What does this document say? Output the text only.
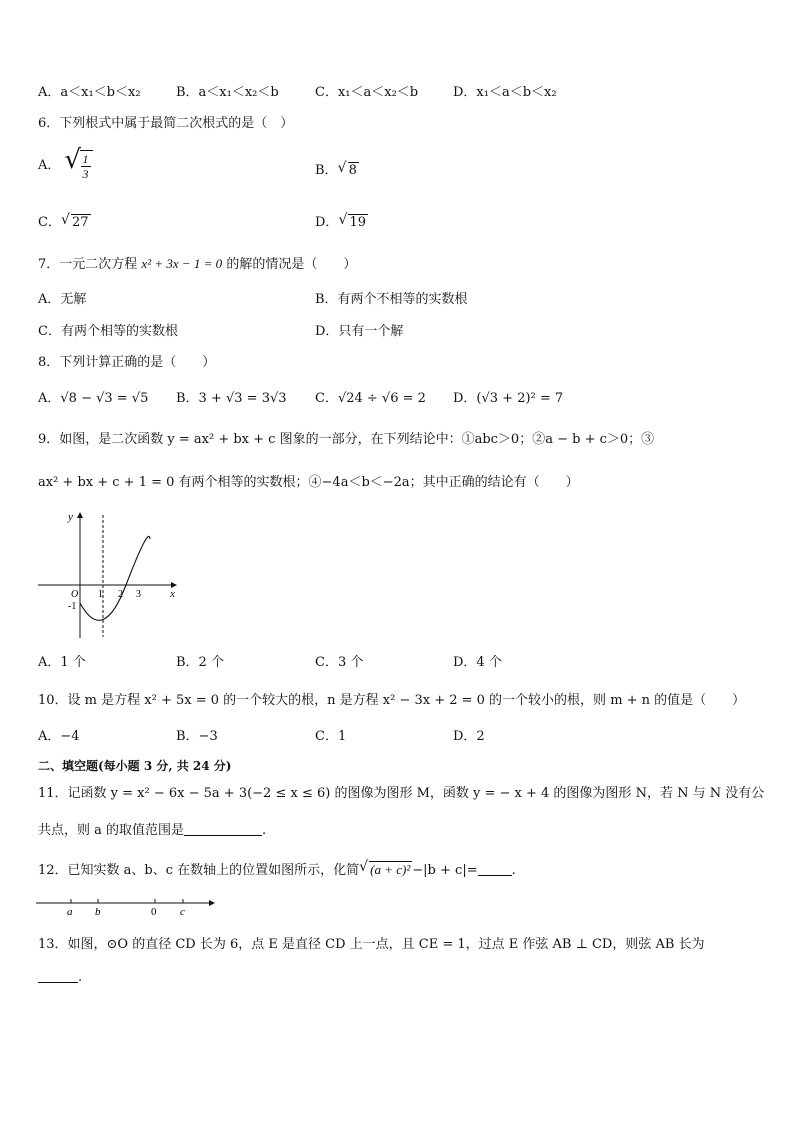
A．a＜x₁＜b＜x₂	B．a＜x₁＜x₂＜b	C．x₁＜a＜x₂＜b	D．x₁＜a＜b＜x₂
6．下列根式中属于最简二次根式的是（　）
A． √
$\frac{1}{3}$	B． √ 8
C． √ 27	D． √ 19
7．一元二次方程 x² + 3x − 1 = 0 的解的情况是（　　）
A．无解	B．有两个不相等的实数根
C．有两个相等的实数根	D．只有一个解
8．下列计算正确的是（　　）
A．√8 − √3 = √5 B．3 + √3 = 3√3 C．√24 ÷ √6 = 2 D．(√3 + 2)² = 7
9．如图，是二次函数 y = ax² + bx + c 图象的一部分，在下列结论中：①abc＞0；②a − b + c＞0；③
ax² + bx + c + 1 = 0 有两个相等的实数根；④−4a＜b＜−2a；其中正确的结论有（　　）
y
x
O 1 2 3
-1
A．1 个	B．2 个	C．3 个	D．4 个
10．设 m 是方程 x² + 5x = 0 的一个较大的根，n 是方程 x² − 3x + 2 = 0 的一个较小的根，则 m + n 的值是（　　）
A．−4	B．−3	C．1	D．2
二、填空题(每小题 3 分, 共 24 分)
11．记函数 y = x² − 6x − 5a + 3(−2 ≤ x ≤ 6) 的图像为图形 M，函数 y = − x + 4 的图像为图形 N，若 N 与 N 没有公
共点，则 a 的取值范围是	.
12．已知实数 a、b、c 在数轴上的位置如图所示，化简 √ (a + c)² −|b + c|=	.
a b	0 c
13．如图，⊙O 的直径 CD 长为 6，点 E 是直径 CD 上一点，且 CE = 1，过点 E 作弦 AB ⊥ CD，则弦 AB 长为
.
